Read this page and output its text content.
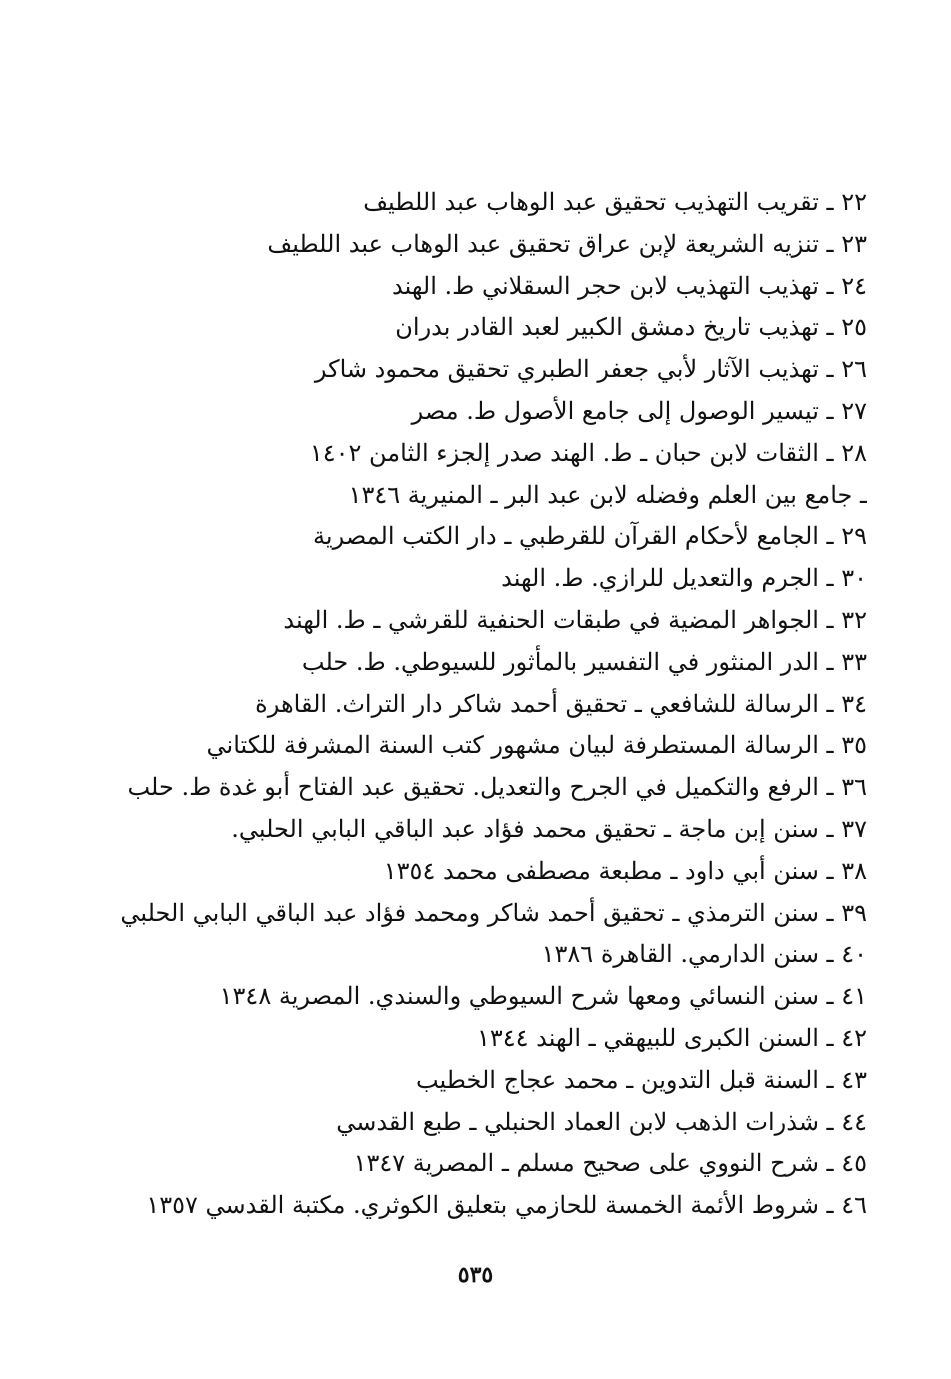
٢٢ ـ تقريب التهذيب تحقيق عبد الوهاب عبد اللطيف
٢٣ ـ تنزيه الشريعة لإبن عراق تحقيق عبد الوهاب عبد اللطيف
٢٤ ـ تهذيب التهذيب لابن حجر السقلاني ط. الهند
٢٥ ـ تهذيب تاريخ دمشق الكبير لعبد القادر بدران
٢٦ ـ تهذيب الآثار لأبي جعفر الطبري تحقيق محمود شاكر
٢٧ ـ تيسير الوصول إلى جامع الأصول ط. مصر
٢٨ ـ الثقات لابن حبان ـ ط. الهند صدر إلجزء الثامن ١٤٠٢
ـ جامع بين العلم وفضله لابن عبد البر ـ المنيرية ١٣٤٦
٢٩ ـ الجامع لأحكام القرآن للقرطبي ـ دار الكتب المصرية
٣٠ ـ الجرم والتعديل للرازي. ط. الهند
٣٢ ـ الجواهر المضية في طبقات الحنفية للقرشي ـ ط. الهند
٣٣ ـ الدر المنثور في التفسير بالمأثور للسيوطي. ط. حلب
٣٤ ـ الرسالة للشافعي ـ تحقيق أحمد شاكر دار التراث. القاهرة
٣٥ ـ الرسالة المستطرفة لبيان مشهور كتب السنة المشرفة للكتاني
٣٦ ـ الرفع والتكميل في الجرح والتعديل. تحقيق عبد الفتاح أبو غدة ط. حلب
٣٧ ـ سنن إبن ماجة ـ تحقيق محمد فؤاد عبد الباقي البابي الحلبي.
٣٨ ـ سنن أبي داود ـ مطبعة مصطفى محمد ١٣٥٤
٣٩ ـ سنن الترمذي ـ تحقيق أحمد شاكر ومحمد فؤاد عبد الباقي البابي الحلبي
٤٠ ـ سنن الدارمي. القاهرة ١٣٨٦
٤١ ـ سنن النسائي ومعها شرح السيوطي والسندي. المصرية ١٣٤٨
٤٢ ـ السنن الكبرى للبيهقي ـ الهند ١٣٤٤
٤٣ ـ السنة قبل التدوين ـ محمد عجاج الخطيب
٤٤ ـ شذرات الذهب لابن العماد الحنبلي ـ طبع القدسي
٤٥ ـ شرح النووي على صحيح مسلم ـ المصرية ١٣٤٧
٤٦ ـ شروط الأئمة الخمسة للحازمي بتعليق الكوثري. مكتبة القدسي ١٣٥٧
٥٣٥
